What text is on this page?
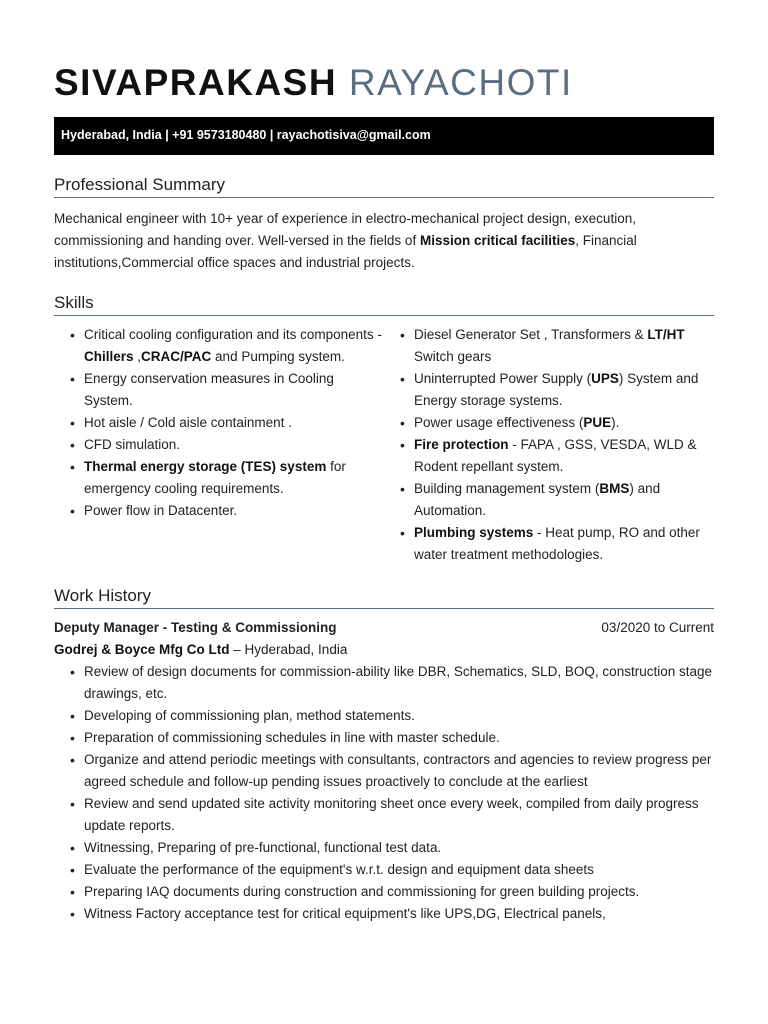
SIVAPRAKASH RAYACHOTI
Hyderabad, India | +91 9573180480 | rayachotisiva@gmail.com
Professional Summary
Mechanical engineer with 10+ year of experience in electro-mechanical project design, execution, commissioning and handing over. Well-versed in the fields of Mission critical facilities, Financial institutions,Commercial office spaces and industrial projects.
Skills
• Critical cooling configuration and its components - Chillers ,CRAC/PAC and Pumping system.
• Energy conservation measures in Cooling System.
• Hot aisle / Cold aisle containment .
• CFD simulation.
• Thermal energy storage (TES) system for emergency cooling requirements.
• Power flow in Datacenter.
• Diesel Generator Set , Transformers & LT/HT Switch gears
• Uninterrupted Power Supply (UPS) System and Energy storage systems.
• Power usage effectiveness (PUE).
• Fire protection - FAPA , GSS, VESDA, WLD & Rodent repellant system.
• Building management system (BMS) and Automation.
• Plumbing systems - Heat pump, RO and other water treatment methodologies.
Work History
Deputy Manager - Testing & Commissioning	03/2020 to Current
Godrej & Boyce Mfg Co Ltd – Hyderabad, India
• Review of design documents for commission-ability like DBR, Schematics, SLD, BOQ, construction stage drawings, etc.
• Developing of commissioning plan, method statements.
• Preparation of commissioning schedules in line with master schedule.
• Organize and attend periodic meetings with consultants, contractors and agencies to review progress per agreed schedule and follow-up pending issues proactively to conclude at the earliest
• Review and send updated site activity monitoring sheet once every week, compiled from daily progress update reports.
• Witnessing, Preparing of pre-functional, functional test data.
• Evaluate the performance of the equipment's w.r.t. design and equipment data sheets
• Preparing IAQ documents during construction and commissioning for green building projects.
• Witness Factory acceptance test for critical equipment's like UPS,DG, Electrical panels,
